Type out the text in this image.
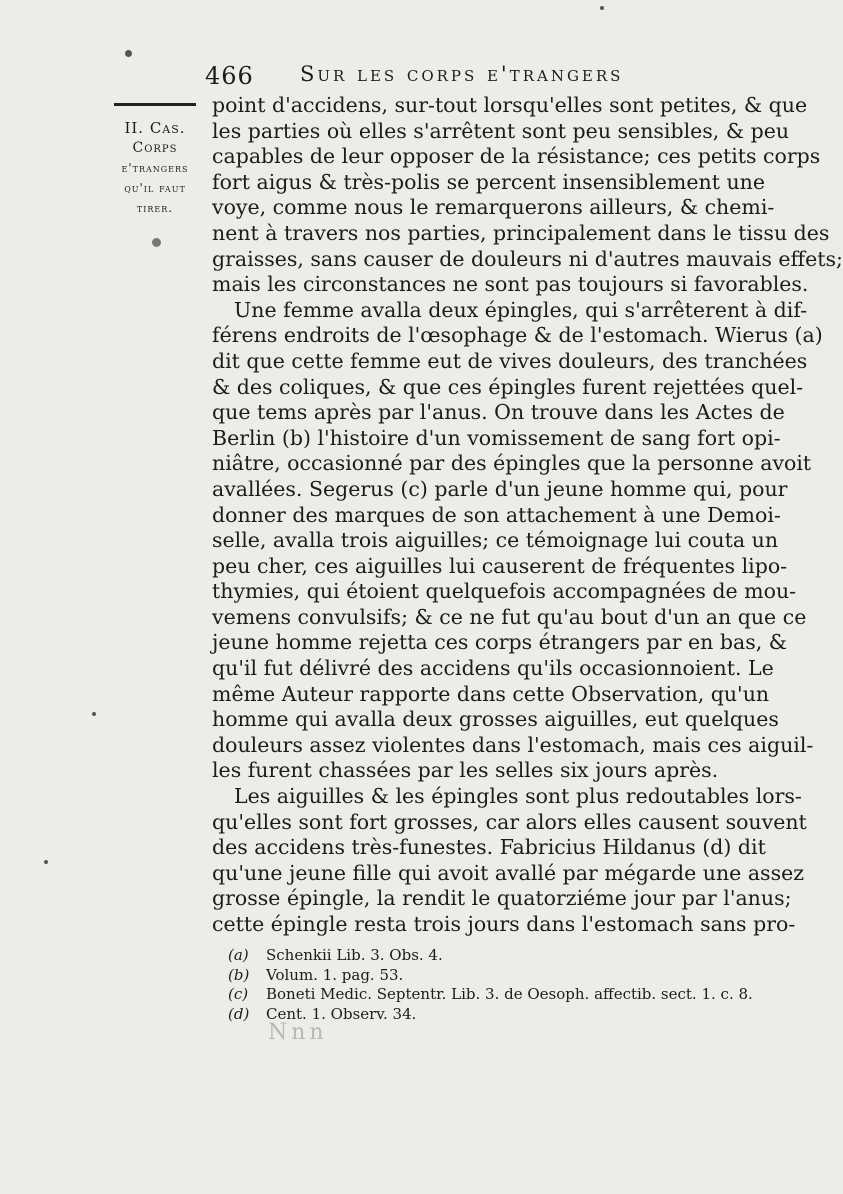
466 Sur les corps e'trangers
II. Cas.
Corps
e'trangers
qu'il faut
tirer.
point d'accidens, sur-tout lorsqu'elles sont petites, & que
les parties où elles s'arrêtent sont peu sensibles, & peu
capables de leur opposer de la résistance; ces petits corps
fort aigus & très-polis se percent insensiblement une
voye, comme nous le remarquerons ailleurs, & chemi-
nent à travers nos parties, principalement dans le tissu des
graisses, sans causer de douleurs ni d'autres mauvais effets;
mais les circonstances ne sont pas toujours si favorables.
Une femme avalla deux épingles, qui s'arrêterent à dif-
férens endroits de l'œsophage & de l'estomach. Wierus (a)
dit que cette femme eut de vives douleurs, des tranchées
& des coliques, & que ces épingles furent rejettées quel-
que tems après par l'anus. On trouve dans les Actes de
Berlin (b) l'histoire d'un vomissement de sang fort opi-
niâtre, occasionné par des épingles que la personne avoit
avallées. Segerus (c) parle d'un jeune homme qui, pour
donner des marques de son attachement à une Demoi-
selle, avalla trois aiguilles; ce témoignage lui couta un
peu cher, ces aiguilles lui causerent de fréquentes lipo-
thymies, qui étoient quelquefois accompagnées de mou-
vemens convulsifs; & ce ne fut qu'au bout d'un an que ce
jeune homme rejetta ces corps étrangers par en bas, &
qu'il fut délivré des accidens qu'ils occasionnoient. Le
même Auteur rapporte dans cette Observation, qu'un
homme qui avalla deux grosses aiguilles, eut quelques
douleurs assez violentes dans l'estomach, mais ces aiguil-
les furent chassées par les selles six jours après.
Les aiguilles & les épingles sont plus redoutables lors-
qu'elles sont fort grosses, car alors elles causent souvent
des accidens très-funestes. Fabricius Hildanus (d) dit
qu'une jeune fille qui avoit avallé par mégarde une assez
grosse épingle, la rendit le quatorziéme jour par l'anus;
cette épingle resta trois jours dans l'estomach sans pro-
(a) Schenkii Lib. 3. Obs. 4.
(b) Volum. 1. pag. 53.
(c) Boneti Medic. Septentr. Lib. 3. de Oesoph. affectib. sect. 1. c. 8.
(d) Cent. 1. Observ. 34.
Nnn
